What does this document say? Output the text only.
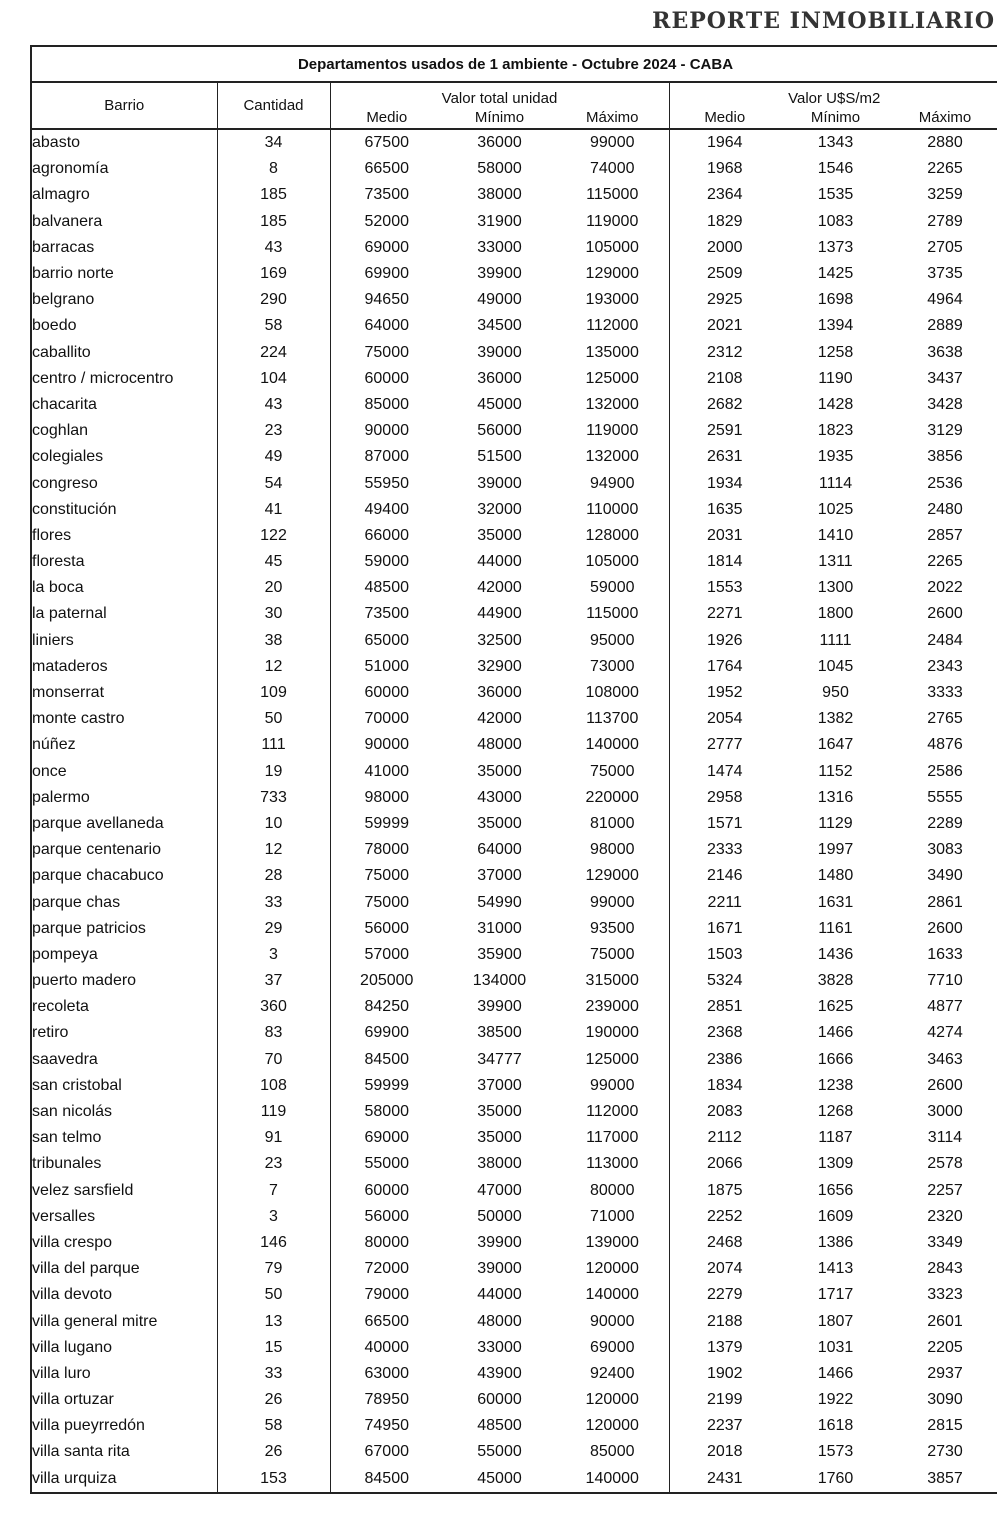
REPORTE INMOBILIARIO
Departamentos usados de 1 ambiente - Octubre 2024 - CABA							
Barrio	Cantidad	Valor total unidad			Valor U$S/m2		
		Medio	Mínimo	Máximo	Medio	Mínimo	Máximo
abasto	34	67500	36000	99000	1964	1343	2880
agronomía	8	66500	58000	74000	1968	1546	2265
almagro	185	73500	38000	115000	2364	1535	3259
balvanera	185	52000	31900	119000	1829	1083	2789
barracas	43	69000	33000	105000	2000	1373	2705
barrio norte	169	69900	39900	129000	2509	1425	3735
belgrano	290	94650	49000	193000	2925	1698	4964
boedo	58	64000	34500	112000	2021	1394	2889
caballito	224	75000	39000	135000	2312	1258	3638
centro / microcentro	104	60000	36000	125000	2108	1190	3437
chacarita	43	85000	45000	132000	2682	1428	3428
coghlan	23	90000	56000	119000	2591	1823	3129
colegiales	49	87000	51500	132000	2631	1935	3856
congreso	54	55950	39000	94900	1934	1114	2536
constitución	41	49400	32000	110000	1635	1025	2480
flores	122	66000	35000	128000	2031	1410	2857
floresta	45	59000	44000	105000	1814	1311	2265
la boca	20	48500	42000	59000	1553	1300	2022
la paternal	30	73500	44900	115000	2271	1800	2600
liniers	38	65000	32500	95000	1926	1111	2484
mataderos	12	51000	32900	73000	1764	1045	2343
monserrat	109	60000	36000	108000	1952	950	3333
monte castro	50	70000	42000	113700	2054	1382	2765
núñez	111	90000	48000	140000	2777	1647	4876
once	19	41000	35000	75000	1474	1152	2586
palermo	733	98000	43000	220000	2958	1316	5555
parque avellaneda	10	59999	35000	81000	1571	1129	2289
parque centenario	12	78000	64000	98000	2333	1997	3083
parque chacabuco	28	75000	37000	129000	2146	1480	3490
parque chas	33	75000	54990	99000	2211	1631	2861
parque patricios	29	56000	31000	93500	1671	1161	2600
pompeya	3	57000	35900	75000	1503	1436	1633
puerto madero	37	205000	134000	315000	5324	3828	7710
recoleta	360	84250	39900	239000	2851	1625	4877
retiro	83	69900	38500	190000	2368	1466	4274
saavedra	70	84500	34777	125000	2386	1666	3463
san cristobal	108	59999	37000	99000	1834	1238	2600
san nicolás	119	58000	35000	112000	2083	1268	3000
san telmo	91	69000	35000	117000	2112	1187	3114
tribunales	23	55000	38000	113000	2066	1309	2578
velez sarsfield	7	60000	47000	80000	1875	1656	2257
versalles	3	56000	50000	71000	2252	1609	2320
villa crespo	146	80000	39900	139000	2468	1386	3349
villa del parque	79	72000	39000	120000	2074	1413	2843
villa devoto	50	79000	44000	140000	2279	1717	3323
villa general mitre	13	66500	48000	90000	2188	1807	2601
villa lugano	15	40000	33000	69000	1379	1031	2205
villa luro	33	63000	43900	92400	1902	1466	2937
villa ortuzar	26	78950	60000	120000	2199	1922	3090
villa pueyrredón	58	74950	48500	120000	2237	1618	2815
villa santa rita	26	67000	55000	85000	2018	1573	2730
villa urquiza	153	84500	45000	140000	2431	1760	3857
